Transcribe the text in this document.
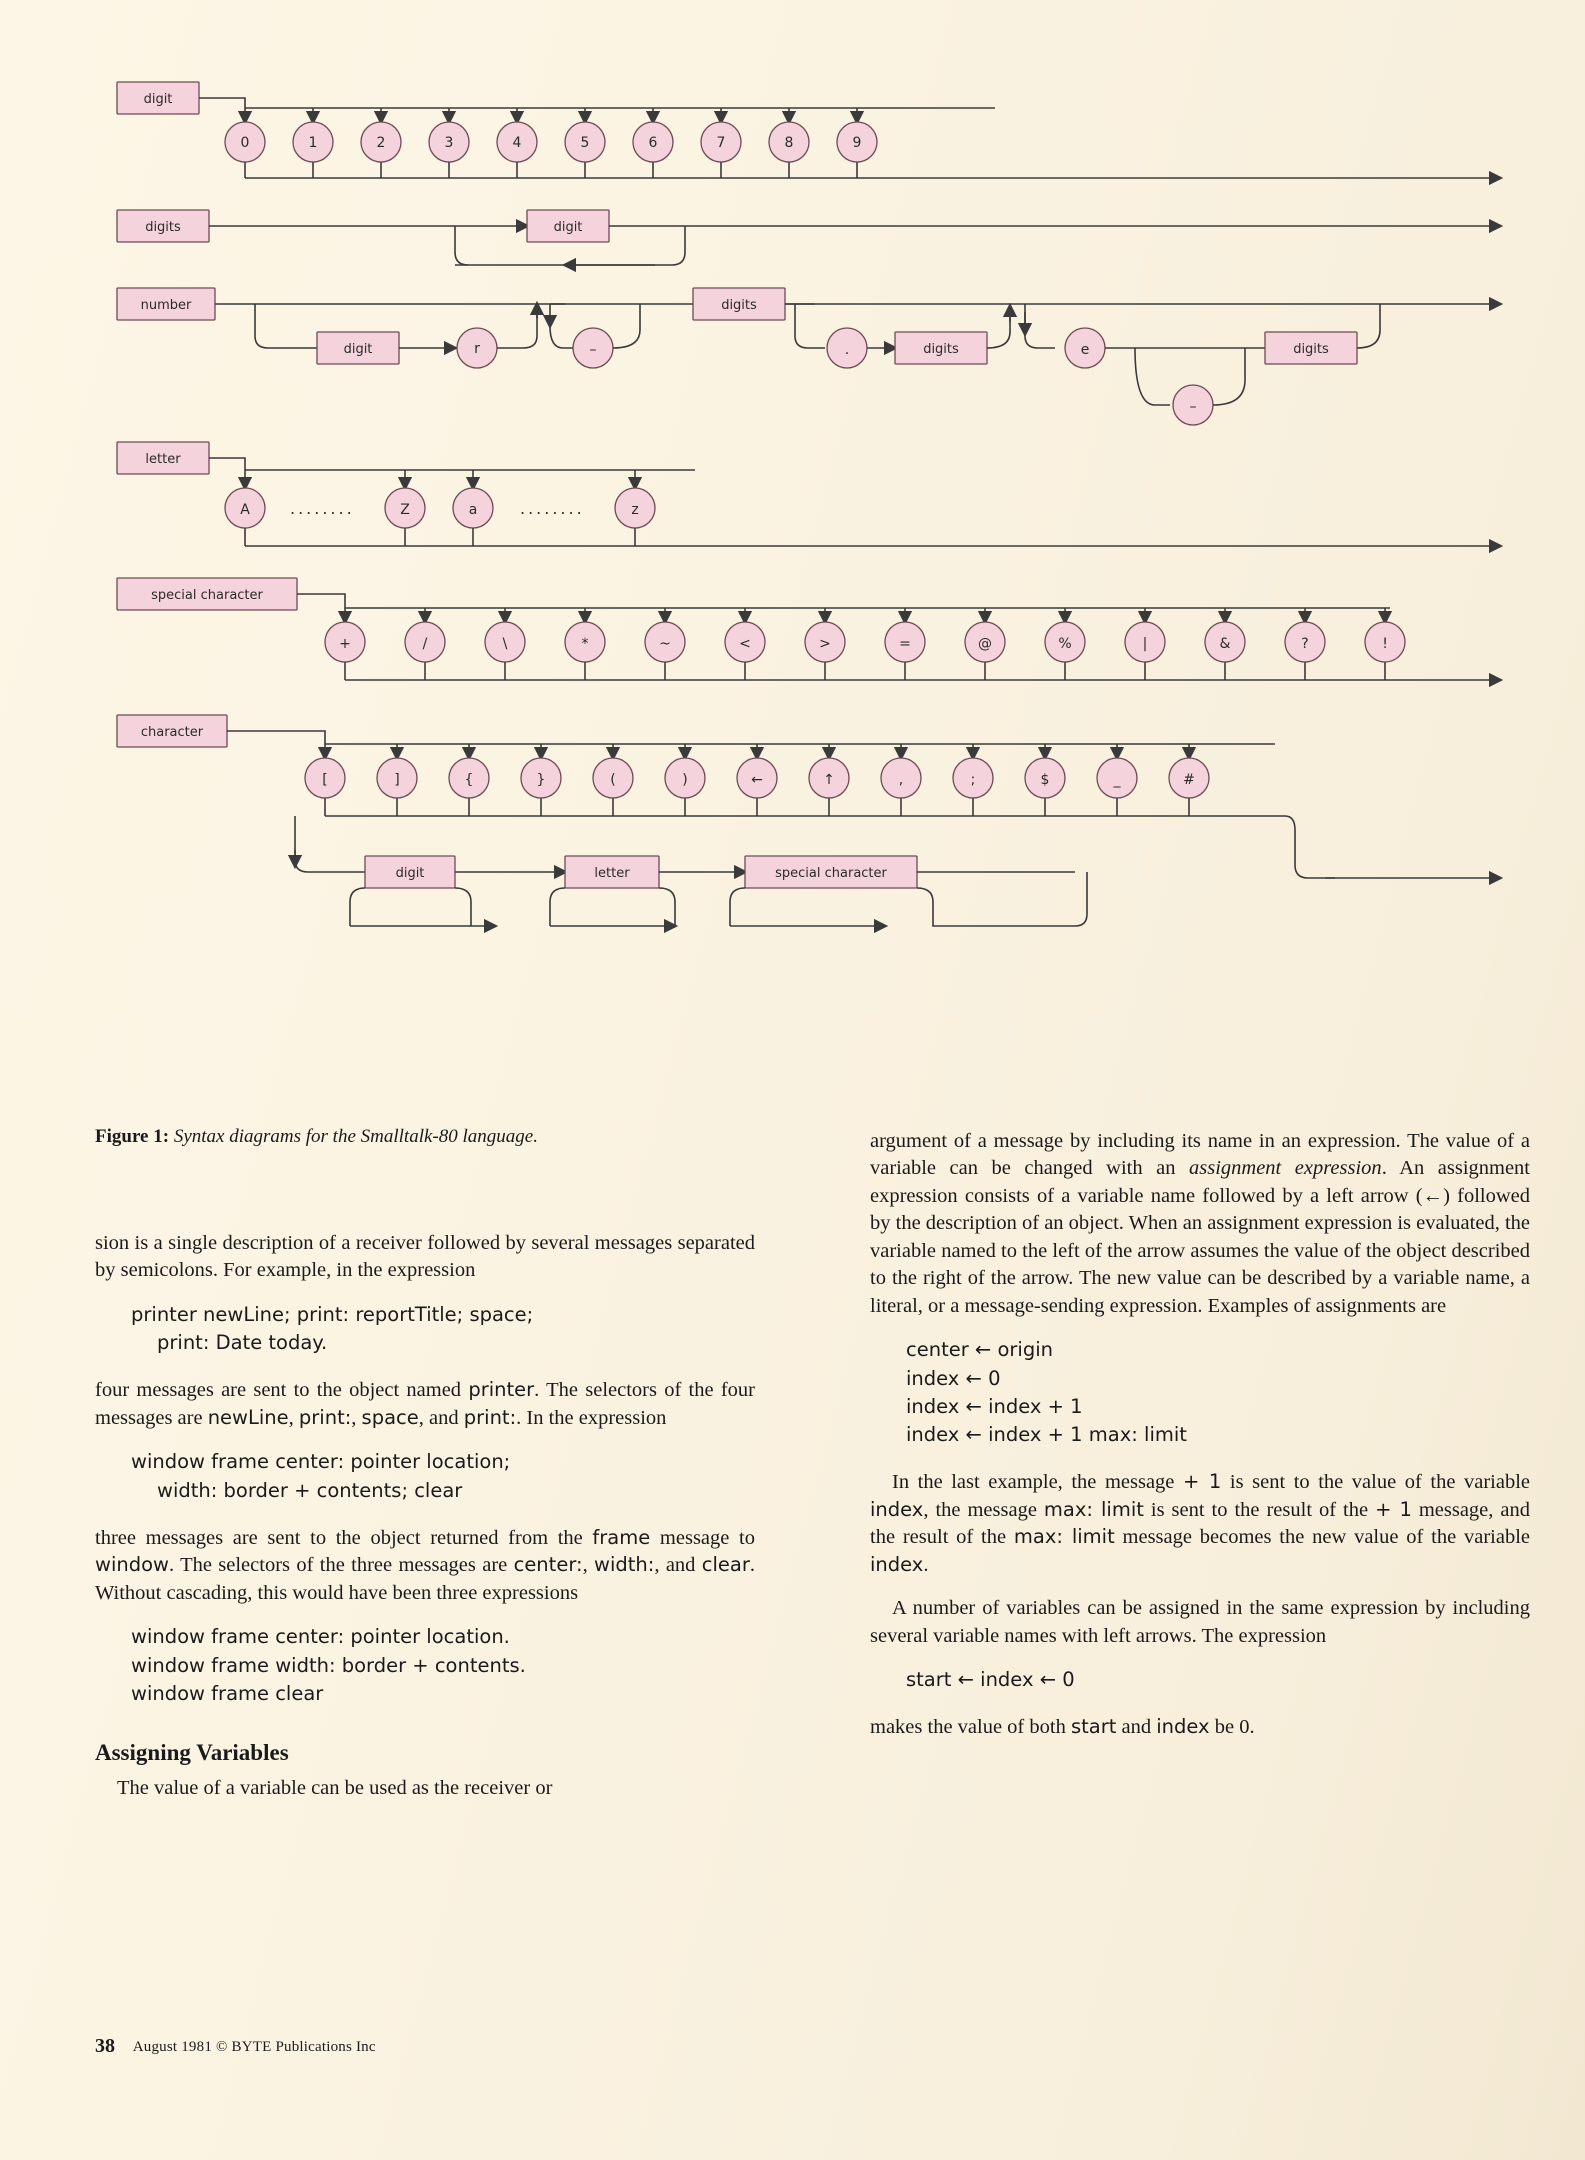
digit
0	1	2	3	4	5	6	7	8	9
digits	digit
number
digit	r	–
digits
.	digits	e	digits
–
letter
A	........	Z	a	........	z
special character
+	/	\	*	~	<	>	=	@	%	|	&	?	!
character
[	]	{	}	(	)	←	↑	,	;	$	_	#
digit	letter	special character
Figure 1: Syntax diagrams for the Smalltalk-80 language.

sion is a single description of a receiver followed by several messages separated by semicolons. For example, in the expression

printer newLine; print: reportTitle; space;
print: Date today.

four messages are sent to the object named printer. The selectors of the four messages are newLine, print:, space, and print:. In the expression

window frame center: pointer location;
width: border + contents; clear

three messages are sent to the object returned from the frame message to window. The selectors of the three messages are center:, width:, and clear. Without cascading, this would have been three expressions

window frame center: pointer location.
window frame width: border + contents.
window frame clear
Assigning Variables

The value of a variable can be used as the receiver or

argument of a message by including its name in an expression. The value of a variable can be changed with an assignment expression. An assignment expression consists of a variable name followed by a left arrow (←) followed by the description of an object. When an assignment expression is evaluated, the variable named to the left of the arrow assumes the value of the object described to the right of the arrow. The new value can be described by a variable name, a literal, or a message-sending expression. Examples of assignments are

center ← origin
index ← 0
index ← index + 1
index ← index + 1 max: limit

In the last example, the message + 1 is sent to the value of the variable index, the message max: limit is sent to the result of the + 1 message, and the result of the max: limit message becomes the new value of the variable index.

A number of variables can be assigned in the same expression by including several variable names with left arrows. The expression

start ← index ← 0

makes the value of both start and index be 0.

38 August 1981 © BYTE Publications Inc
